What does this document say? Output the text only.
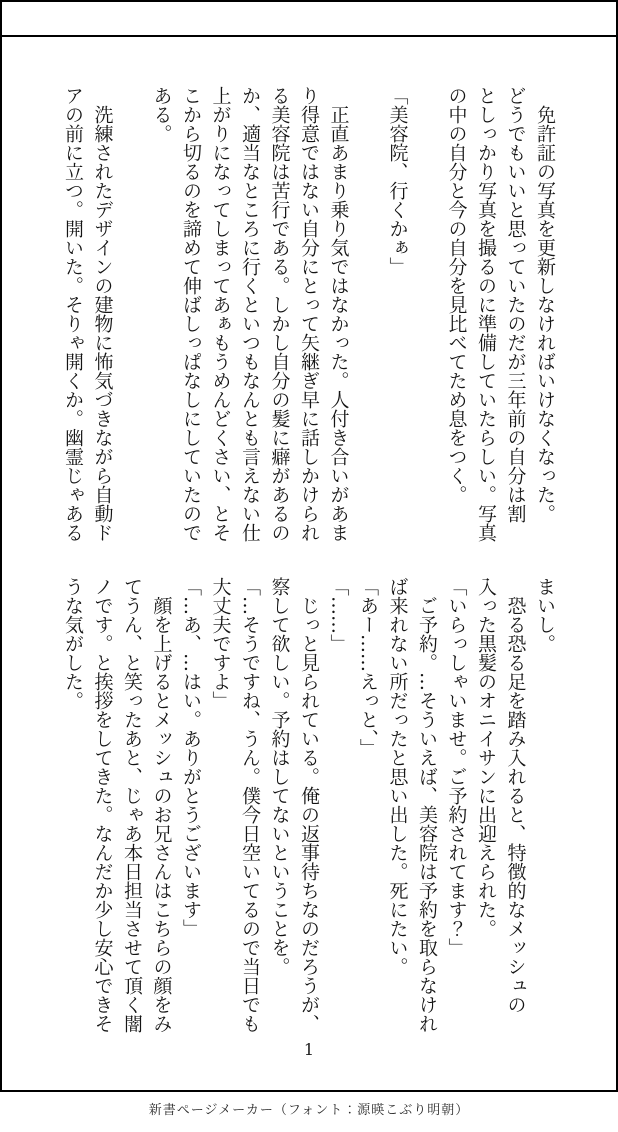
　免許証の写真を更新しなければいけなくなった。
どうでもいいと思っていたのだが三年前の自分は割
としっかり写真を撮るのに準備していたらしい。写真
の中の自分と今の自分を見比べてため息をつく。
「美容院、行くかぁ」
　正直あまり乗り気ではなかった。人付き合いがあま
り得意ではない自分にとって矢継ぎ早に話しかけられ
る美容院は苦行である。しかし自分の髪に癖があるの
か、適当なところに行くといつもなんとも言えない仕
上がりになってしまってあぁもうめんどくさい、とそ
こから切るのを諦めて伸ばしっぱなしにしていたので
ある。
　洗練されたデザインの建物に怖気づきながら自動ド
アの前に立つ。開いた。そりゃ開くか。幽霊じゃある
まいし。
　恐る恐る足を踏み入れると、特徴的なメッシュの
入った黒髪のオニイサンに出迎えられた。
「いらっしゃいませ。ご予約されてます？」
　ご予約。…そういえば、美容院は予約を取らなけれ
ば来れない所だったと思い出した。死にたい。
「あー……えっと、」
「……」
　じっと見られている。俺の返事待ちなのだろうが、
察して欲しい。予約はしてないということを。
「…そうですね、うん。僕今日空いてるので当日でも
大丈夫ですよ」
「…あ、…はい。ありがとうございます」
　顔を上げるとメッシュのお兄さんはこちらの顔をみ
てうん、と笑ったあと、じゃあ本日担当させて頂く闇
ノです。と挨拶をしてきた。なんだか少し安心できそ
うな気がした。
1
新書ページメーカー（フォント：源暎こぶり明朝）
